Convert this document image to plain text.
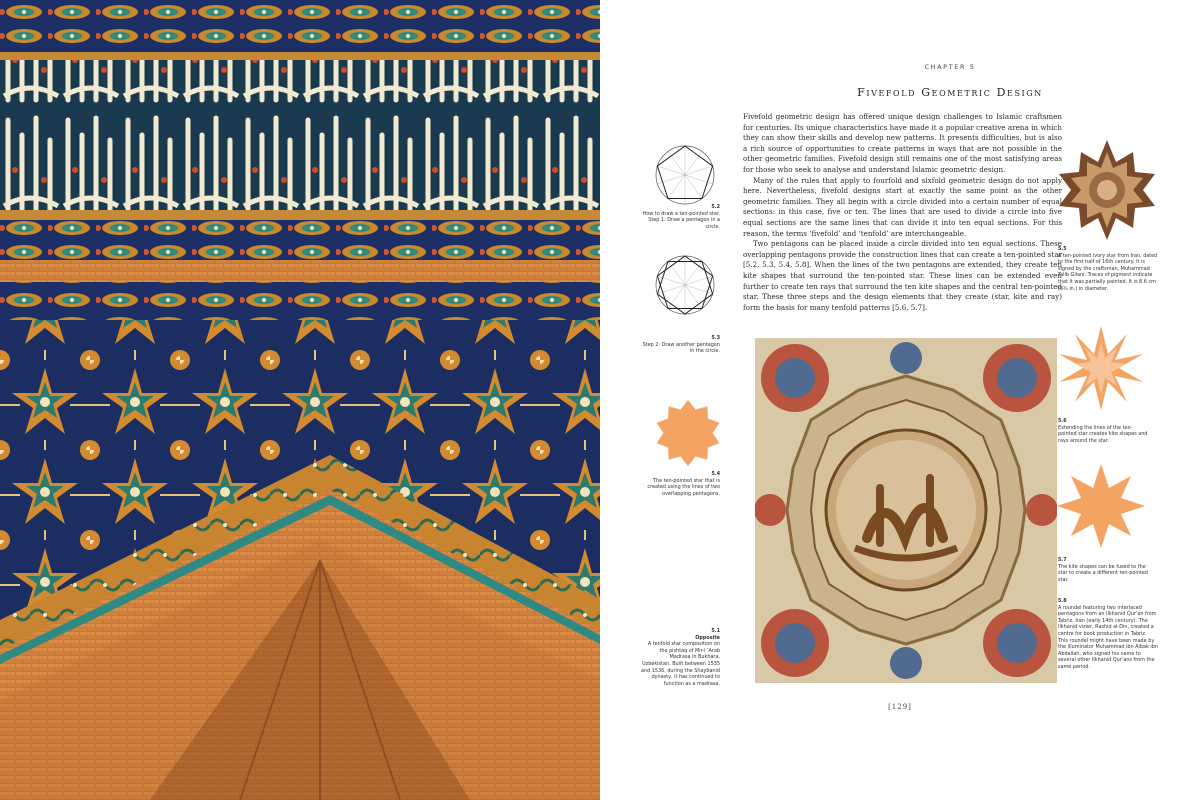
CHAPTER 5
Fivefold Geometric Design

Fivefold geometric design has offered unique design challenges to Islamic craftsmen for centuries. Its unique characteristics have made it a popular creative arena in which they can show their skills and develop new patterns. It presents difficulties, but is also a rich source of opportunities to create patterns in ways that are not possible in the other geometric families. Fivefold design still remains one of the most satisfying areas for those who seek to analyse and understand Islamic geometric design.

Many of the rules that apply to fourfold and sixfold geometric design do not apply here. Nevertheless, fivefold designs start at exactly the same point as the other geometric families. They all begin with a circle divided into a certain number of equal sections: in this case, five or ten. The lines that are used to divide a circle into five equal sections are the same lines that can divide it into ten equal sections. For this reason, the terms ‘fivefold’ and ‘tenfold’ are interchangeable.

Two pentagons can be placed inside a circle divided into ten equal sections. These overlapping pentagons provide the construction lines that can create a ten-pointed star [5.2, 5.3, 5.4, 5.8]. When the lines of the two pentagons are extended, they create ten kite shapes that surround the ten-pointed star. These lines can be extended even further to create ten rays that surround the ten kite shapes and the central ten-pointed star. These three steps and the design elements that they create (star, kite and ray) form the basis for many tenfold patterns [5.6, 5.7].

5.2
How to draw a ten-pointed star. Step 1: Draw a pentagon in a circle.
5.3
Step 2: Draw another pentagon in the circle.
5.4
The ten-pointed star that is created using the lines of two overlapping pentagons.
5.1
Opposite
A tenfold star composition on the pishtaq of Mir-i ‘Arab Madrasa in Bukhara, Uzbekistan. Built between 1535 and 1536, during the Shaybanid dynasty, it has continued to function as a madrasa.
5.5
A ten-pointed ivory star from Iran, dated to the first half of 16th century. It is signed by the craftsman, Muhammad Talib Gilani. Traces of pigment indicate that it was partially painted. It is 8.6 cm (3¾ in.) in diameter.
5.6
Extending the lines of the ten-pointed star creates kite shapes and rays around the star.
5.7
The kite shapes can be fused to the star to create a different ten-pointed star.
5.8
A roundel featuring two interlaced pentagons from an Ilkhanid Qur’an from Tabriz, Iran (early 14th century). The Ilkhanid vizier, Rashid al-Din, created a centre for book production in Tabriz. This roundel might have been made by the illuminator Muhammad ibn Aibak ibn Abdallah, who signed his name to several other Ilkhanid Qur’ans from the same period.
[129]
